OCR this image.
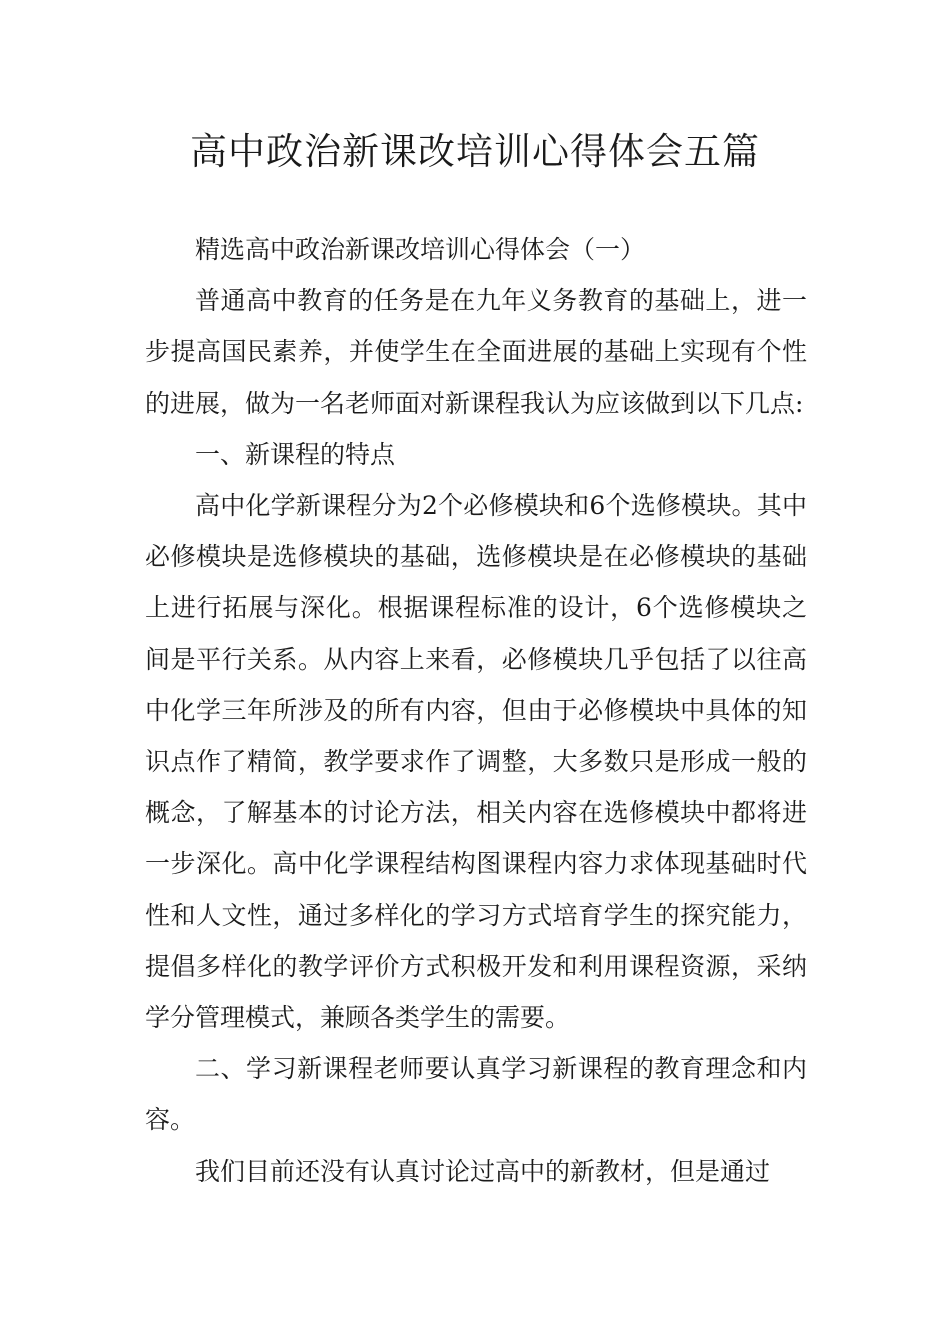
高中政治新课改培训心得体会五篇

精选高中政治新课改培训心得体会（一）

普通高中教育的任务是在九年义务教育的基础上，进一步提高国民素养，并使学生在全面进展的基础上实现有个性的进展，做为一名老师面对新课程我认为应该做到以下几点:

一、新课程的特点

高中化学新课程分为2个必修模块和6个选修模块。其中必修模块是选修模块的基础，选修模块是在必修模块的基础上进行拓展与深化。根据课程标准的设计，6个选修模块之间是平行关系。从内容上来看，必修模块几乎包括了以往高中化学三年所涉及的所有内容，但由于必修模块中具体的知识点作了精简，教学要求作了调整，大多数只是形成一般的概念，了解基本的讨论方法，相关内容在选修模块中都将进一步深化。高中化学课程结构图课程内容力求体现基础时代性和人文性，通过多样化的学习方式培育学生的探究能力，提倡多样化的教学评价方式积极开发和利用课程资源，采纳学分管理模式，兼顾各类学生的需要。

二、学习新课程老师要认真学习新课程的教育理念和内容。

我们目前还没有认真讨论过高中的新教材，但是通过
